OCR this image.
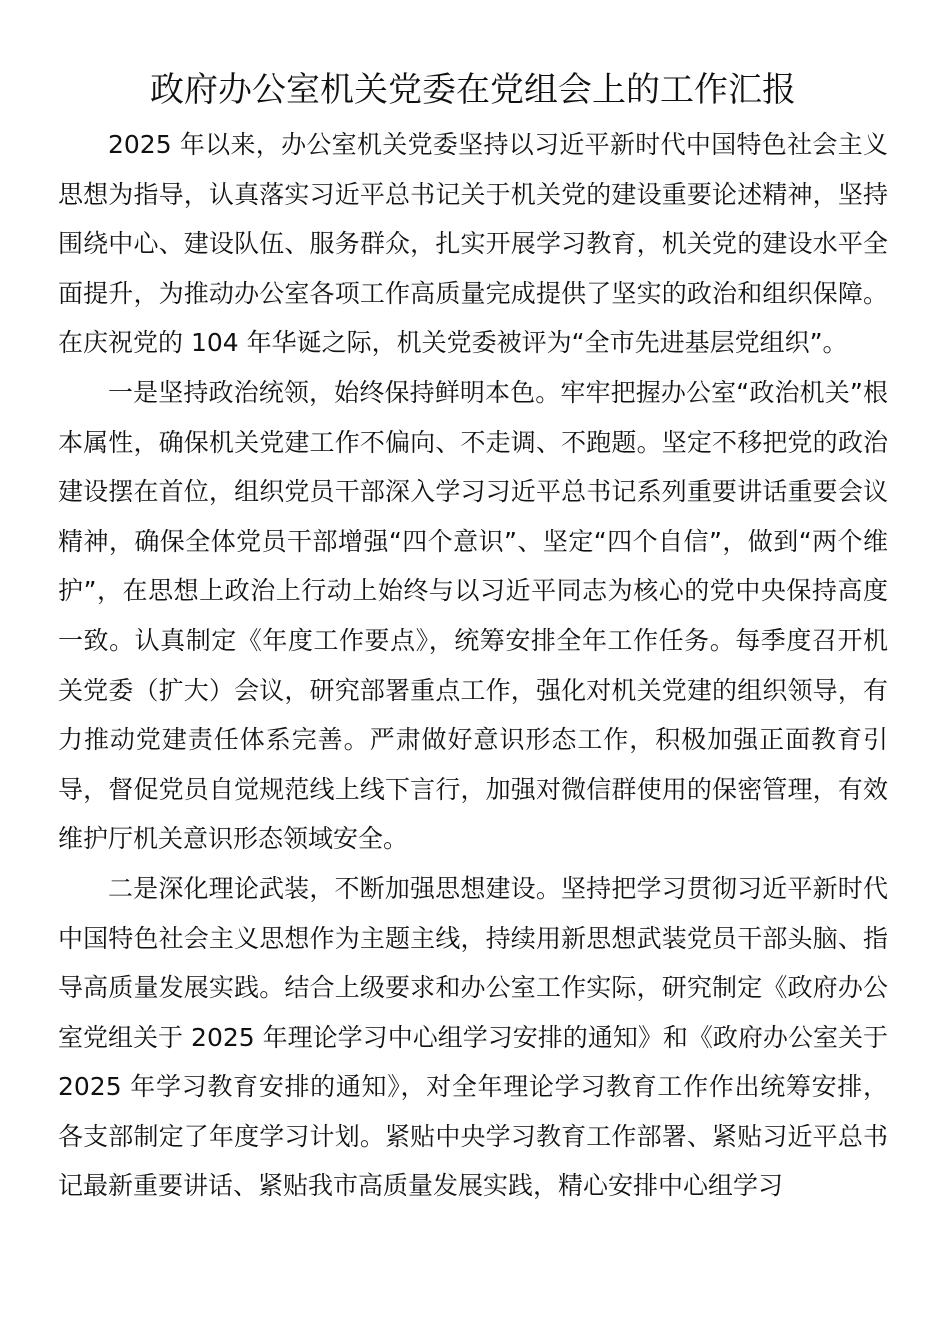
政府办公室机关党委在党组会上的工作汇报

2025 年以来，办公室机关党委坚持以习近平新时代中国特色社会主义思想为指导，认真落实习近平总书记关于机关党的建设重要论述精神，坚持围绕中心、建设队伍、服务群众，扎实开展学习教育，机关党的建设水平全面提升，为推动办公室各项工作高质量完成提供了坚实的政治和组织保障。在庆祝党的 104 年华诞之际，机关党委被评为“全市先进基层党组织”。

一是坚持政治统领，始终保持鲜明本色。牢牢把握办公室“政治机关”根本属性，确保机关党建工作不偏向、不走调、不跑题。坚定不移把党的政治建设摆在首位，组织党员干部深入学习习近平总书记系列重要讲话重要会议精神，确保全体党员干部增强“四个意识”、坚定“四个自信”，做到“两个维护”，在思想上政治上行动上始终与以习近平同志为核心的党中央保持高度一致。认真制定《年度工作要点》，统筹安排全年工作任务。每季度召开机关党委（扩大）会议，研究部署重点工作，强化对机关党建的组织领导，有力推动党建责任体系完善。严肃做好意识形态工作，积极加强正面教育引导，督促党员自觉规范线上线下言行，加强对微信群使用的保密管理，有效维护厅机关意识形态领域安全。

二是深化理论武装，不断加强思想建设。坚持把学习贯彻习近平新时代中国特色社会主义思想作为主题主线，持续用新思想武装党员干部头脑、指导高质量发展实践。结合上级要求和办公室工作实际，研究制定《政府办公室党组关于 2025 年理论学习中心组学习安排的通知》和《政府办公室关于 2025 年学习教育安排的通知》，对全年理论学习教育工作作出统筹安排，各支部制定了年度学习计划。紧贴中央学习教育工作部署、紧贴习近平总书记最新重要讲话、紧贴我市高质量发展实践，精心安排中心组学习
